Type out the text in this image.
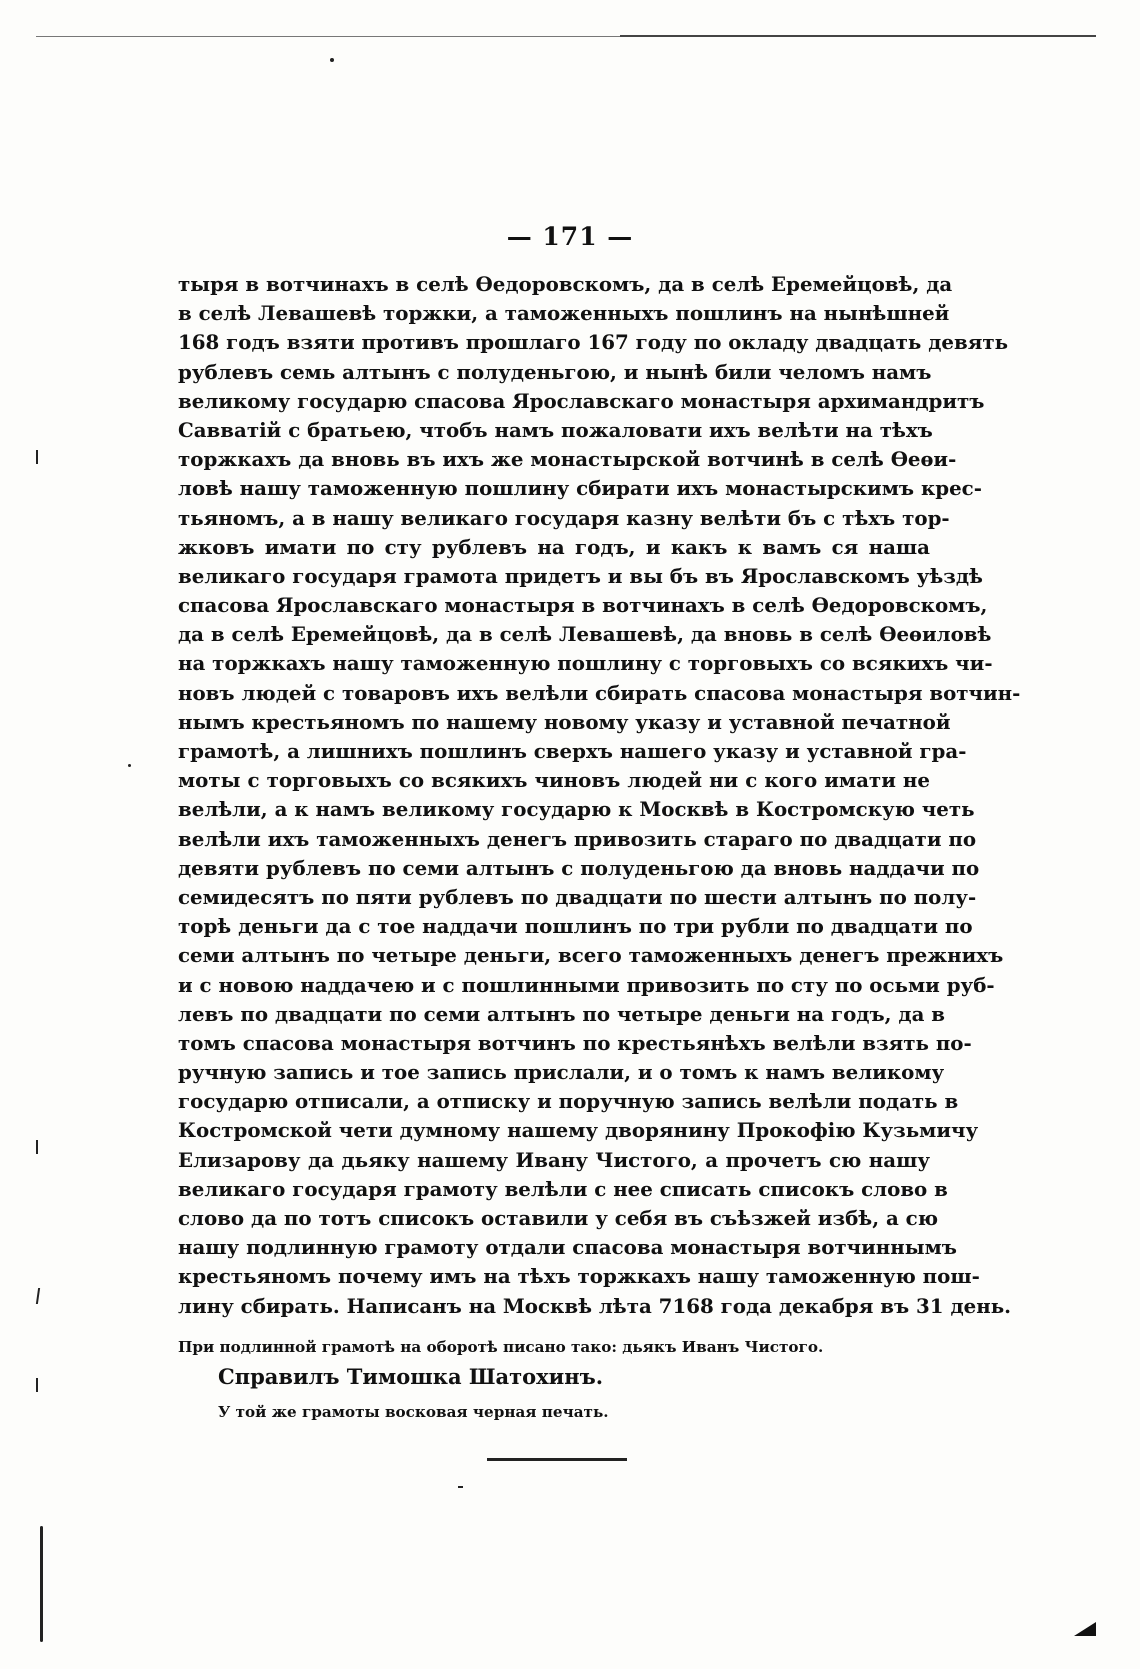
— 171 —
тыря в вотчинахъ в селѣ Ѳедоровскомъ, да в селѣ Еремейцовѣ, да
в селѣ Левашевѣ торжки, а таможенныхъ пошлинъ на нынѣшней
168 годъ взяти противъ прошлаго 167 году по окладу двадцать девять
рублевъ семь алтынъ с полуденьгою, и нынѣ били челомъ намъ
великому государю спасова Ярославскаго монастыря архимандритъ
Савватій с братьею, чтобъ намъ пожаловати ихъ велѣти на тѣхъ
торжкахъ да вновь въ ихъ же монастырской вотчинѣ в селѣ Ѳеѳи-
ловѣ нашу таможенную пошлину сбирати ихъ монастырскимъ крес-
тьяномъ, а в нашу великаго государя казну велѣти бъ с тѣхъ тор-
жковъ имати по сту рублевъ на годъ, и какъ к вамъ ся наша
великаго государя грамота придетъ и вы бъ въ Ярославскомъ уѣздѣ
спасова Ярославскаго монастыря в вотчинахъ в селѣ Ѳедоровскомъ,
да в селѣ Еремейцовѣ, да в селѣ Левашевѣ, да вновь в селѣ Ѳеѳиловѣ
на торжкахъ нашу таможенную пошлину с торговыхъ со всякихъ чи-
новъ людей с товаровъ ихъ велѣли сбирать спасова монастыря вотчин-
нымъ крестьяномъ по нашему новому указу и уставной печатной
грамотѣ, а лишнихъ пошлинъ сверхъ нашего указу и уставной гра-
моты с торговыхъ со всякихъ чиновъ людей ни с кого имати не
велѣли, а к намъ великому государю к Москвѣ в Костромскую четь
велѣли ихъ таможенныхъ денегъ привозить стараго по двадцати по
девяти рублевъ по семи алтынъ с полуденьгою да вновь наддачи по
семидесятъ по пяти рублевъ по двадцати по шести алтынъ по полу-
торѣ деньги да с тое наддачи пошлинъ по три рубли по двадцати по
семи алтынъ по четыре деньги, всего таможенныхъ денегъ прежнихъ
и с новою наддачею и с пошлинными привозить по сту по осьми руб-
левъ по двадцати по семи алтынъ по четыре деньги на годъ, да в
томъ спасова монастыря вотчинъ по крестьянѣхъ велѣли взять по-
ручную запись и тое запись прислали, и о томъ к намъ великому
государю отписали, а отписку и поручную запись велѣли подать в
Костромской чети думному нашему дворянину Прокофію Кузьмичу
Елизарову да дьяку нашему Ивану Чистого, а прочетъ сю нашу
великаго государя грамоту велѣли с нее списать списокъ слово в
слово да по тотъ списокъ оставили у себя въ съѣзжей избѣ, а сю
нашу подлинную грамоту отдали спасова монастыря вотчиннымъ
крестьяномъ почему имъ на тѣхъ торжкахъ нашу таможенную пош-
лину сбирать. Написанъ на Москвѣ лѣта 7168 года декабря въ 31 день.
При подлинной грамотѣ на оборотѣ писано тако: дьякъ Иванъ Чистого.
Справилъ Тимошка Шатохинъ.
У той же грамоты восковая черная печать.
